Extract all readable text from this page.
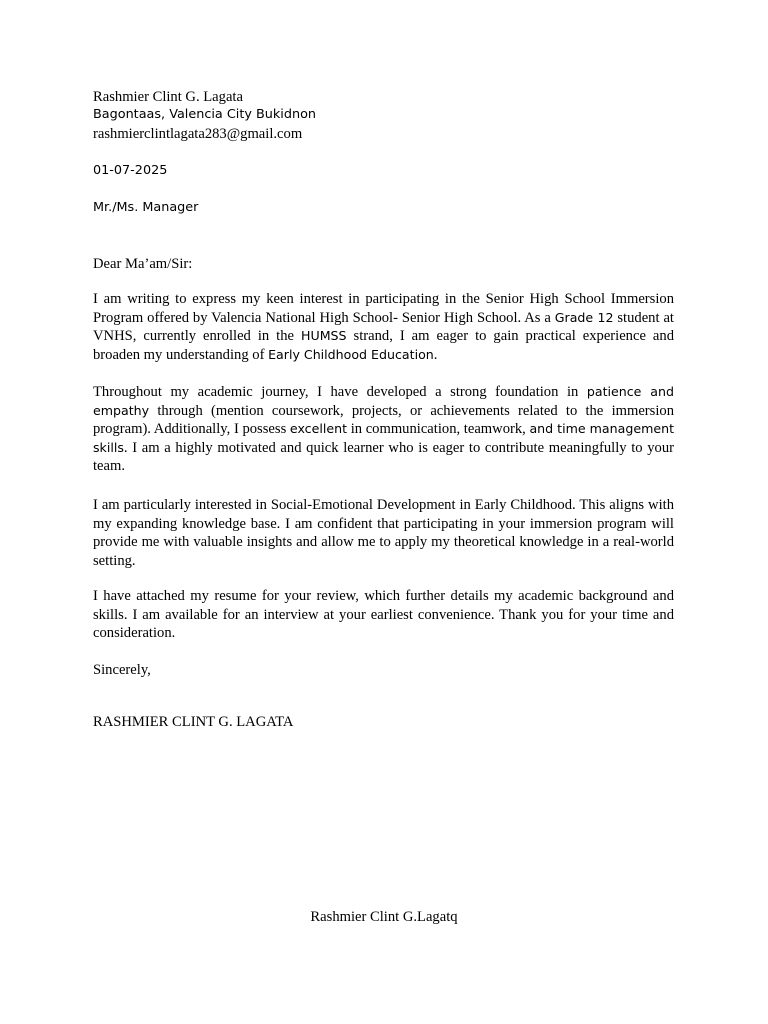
Rashmier Clint G. Lagata
Bagontaas, Valencia City Bukidnon
rashmierclintlagata283@gmail.com
01-07-2025
Mr./Ms. Manager
Dear Ma’am/Sir:

I am writing to express my keen interest in participating in the Senior High School Immersion Program offered by Valencia National High School- Senior High School. As a Grade 12 student at VNHS, currently enrolled in the HUMSS strand, I am eager to gain practical experience and broaden my understanding of Early Childhood Education.

Throughout my academic journey, I have developed a strong foundation in patience and empathy through (mention coursework, projects, or achievements related to the immersion program). Additionally, I possess excellent in communication, teamwork, and time management skills. I am a highly motivated and quick learner who is eager to contribute meaningfully to your team.

I am particularly interested in Social-Emotional Development in Early Childhood. This aligns with my expanding knowledge base. I am confident that participating in your immersion program will provide me with valuable insights and allow me to apply my theoretical knowledge in a real-world setting.

I have attached my resume for your review, which further details my academic background and skills. I am available for an interview at your earliest convenience. Thank you for your time and consideration.

Sincerely,
RASHMIER CLINT G. LAGATA
Rashmier Clint G.Lagatq
